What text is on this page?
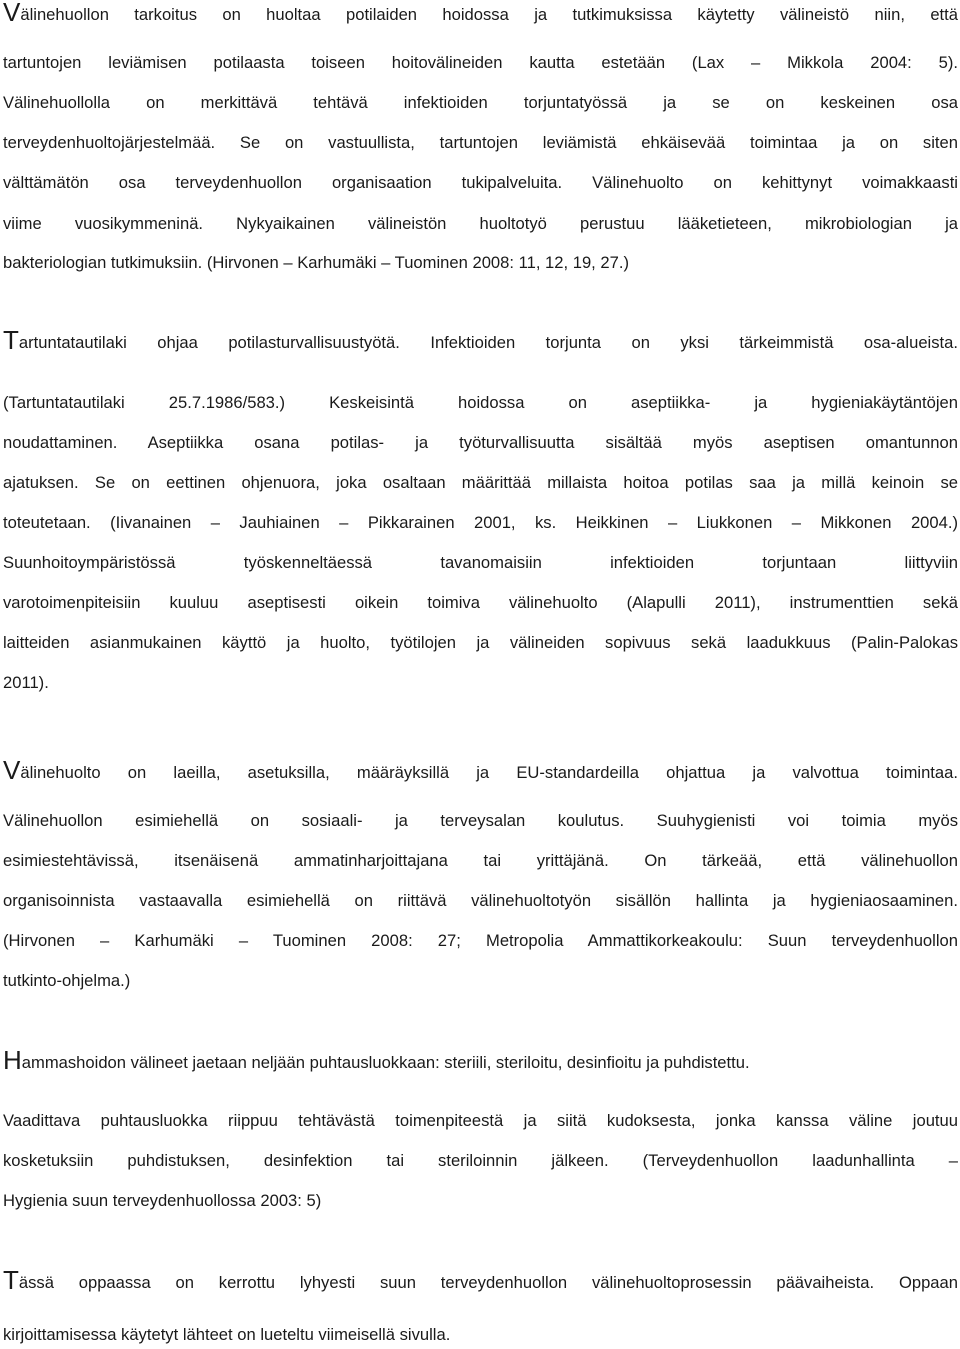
Välinehuollon tarkoitus on huoltaa potilaiden hoidossa ja tutkimuksissa käytetty välineistö niin, että
tartuntojen leviämisen potilaasta toiseen hoitovälineiden kautta estetään (Lax – Mikkola 2004: 5).
Välinehuollolla on merkittävä tehtävä infektioiden torjuntatyössä ja se on keskeinen osa
terveydenhuoltojärjestelmää. Se on vastuullista, tartuntojen leviämistä ehkäisevää toimintaa ja on siten
välttämätön osa terveydenhuollon organisaation tukipalveluita. Välinehuolto on kehittynyt voimakkaasti
viime vuosikymmeninä. Nykyaikainen välineistön huoltotyö perustuu lääketieteen, mikrobiologian ja
bakteriologian tutkimuksiin. (Hirvonen – Karhumäki – Tuominen 2008: 11, 12, 19, 27.)
Tartuntatautilaki ohjaa potilasturvallisuustyötä. Infektioiden torjunta on yksi tärkeimmistä osa-alueista.
(Tartuntatautilaki 25.7.1986/583.) Keskeisintä hoidossa on aseptiikka- ja hygieniakäytäntöjen
noudattaminen. Aseptiikka osana potilas- ja työturvallisuutta sisältää myös aseptisen omantunnon
ajatuksen. Se on eettinen ohjenuora, joka osaltaan määrittää millaista hoitoa potilas saa ja millä keinoin se
toteutetaan. (Iivanainen – Jauhiainen – Pikkarainen 2001, ks. Heikkinen – Liukkonen – Mikkonen 2004.)
Suunhoitoympäristössä työskenneltäessä tavanomaisiin infektioiden torjuntaan liittyviin
varotoimenpiteisiin kuuluu aseptisesti oikein toimiva välinehuolto (Alapulli 2011), instrumenttien sekä
laitteiden asianmukainen käyttö ja huolto, työtilojen ja välineiden sopivuus sekä laadukkuus (Palin-Palokas
2011).
Välinehuolto on laeilla, asetuksilla, määräyksillä ja EU-standardeilla ohjattua ja valvottua toimintaa.
Välinehuollon esimiehellä on sosiaali- ja terveysalan koulutus. Suuhygienisti voi toimia myös
esimiestehtävissä, itsenäisenä ammatinharjoittajana tai yrittäjänä. On tärkeää, että välinehuollon
organisoinnista vastaavalla esimiehellä on riittävä välinehuoltotyön sisällön hallinta ja hygieniaosaaminen.
(Hirvonen – Karhumäki – Tuominen 2008: 27; Metropolia Ammattikorkeakoulu: Suun terveydenhuollon
tutkinto-ohjelma.)
Hammashoidon välineet jaetaan neljään puhtausluokkaan: steriili, steriloitu, desinfioitu ja puhdistettu.
Vaadittava puhtausluokka riippuu tehtävästä toimenpiteestä ja siitä kudoksesta, jonka kanssa väline joutuu
kosketuksiin puhdistuksen, desinfektion tai steriloinnin jälkeen. (Terveydenhuollon laadunhallinta –
Hygienia suun terveydenhuollossa 2003: 5)
Tässä oppaassa on kerrottu lyhyesti suun terveydenhuollon välinehuoltoprosessin päävaiheista. Oppaan
kirjoittamisessa käytetyt lähteet on lueteltu viimeisellä sivulla.
